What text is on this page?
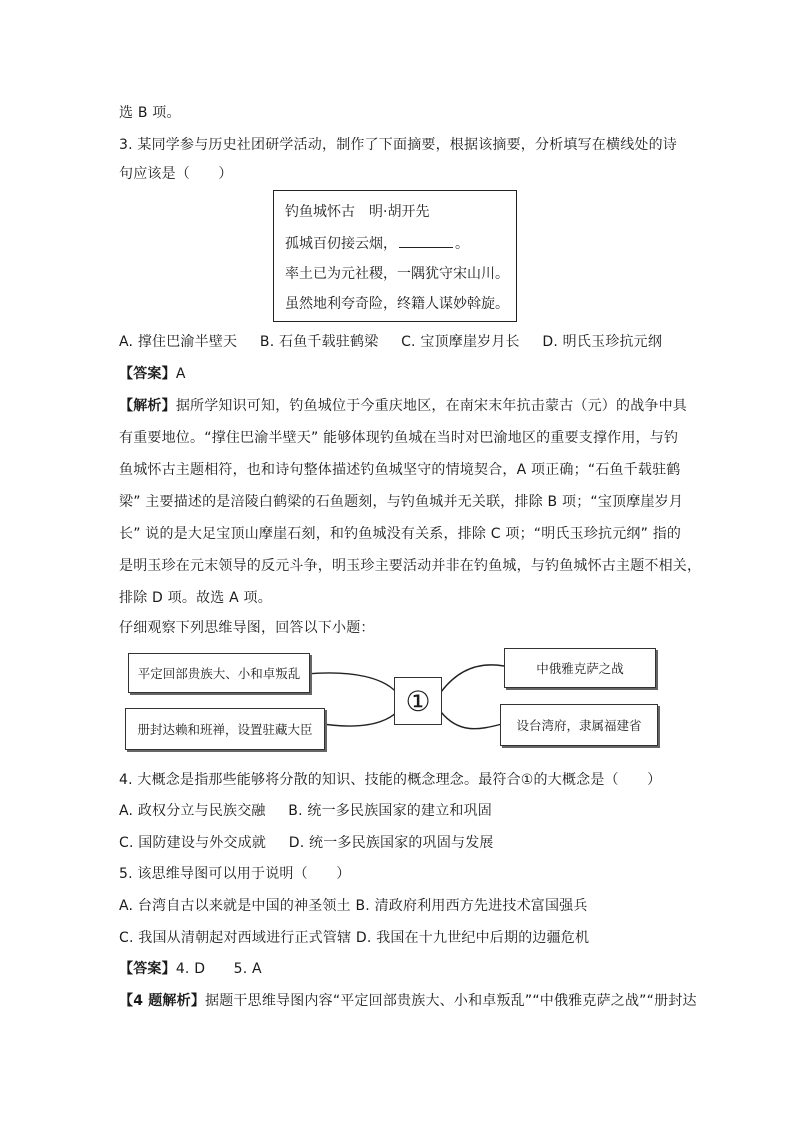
选 B 项。
3. 某同学参与历史社团研学活动，制作了下面摘要，根据该摘要，分析填写在横线处的诗
句应该是（　　）
钓鱼城怀古　明·胡开先
孤城百仞接云烟，	。
率土已为元社稷，一隅犹守宋山川。
虽然地利夸奇险，终籍人谋妙斡旋。
A. 撑住巴渝半壁天 B. 石鱼千载驻鹤梁 C. 宝顶摩崖岁月长 D. 明氏玉珍抗元纲
【答案】A
【解析】据所学知识可知，钓鱼城位于今重庆地区，在南宋末年抗击蒙古（元）的战争中具
有重要地位。“撑住巴渝半壁天” 能够体现钓鱼城在当时对巴渝地区的重要支撑作用，与钓
鱼城怀古主题相符，也和诗句整体描述钓鱼城坚守的情境契合，A 项正确；“石鱼千载驻鹤
梁” 主要描述的是涪陵白鹤梁的石鱼题刻，与钓鱼城并无关联，排除 B 项；“宝顶摩崖岁月
长” 说的是大足宝顶山摩崖石刻，和钓鱼城没有关系，排除 C 项；“明氏玉珍抗元纲” 指的
是明玉珍在元末领导的反元斗争，明玉珍主要活动并非在钓鱼城，与钓鱼城怀古主题不相关，
排除 D 项。故选 A 项。
仔细观察下列思维导图，回答以下小题：
平定回部贵族大、小和卓叛乱
册封达赖和班禅，设置驻藏大臣
①
中俄雅克萨之战
设台湾府，隶属福建省
4. 大概念是指那些能够将分散的知识、技能的概念理念。最符合①的大概念是（　　）
A. 政权分立与民族交融 B. 统一多民族国家的建立和巩固
C. 国防建设与外交成就 D. 统一多民族国家的巩固与发展
5. 该思维导图可以用于说明（　　）
A. 台湾自古以来就是中国的神圣领土 B. 清政府利用西方先进技术富国强兵
C. 我国从清朝起对西域进行正式管辖 D. 我国在十九世纪中后期的边疆危机
【答案】4. D　　5. A
【4 题解析】据题干思维导图内容“平定回部贵族大、小和卓叛乱”“中俄雅克萨之战”“册封达
